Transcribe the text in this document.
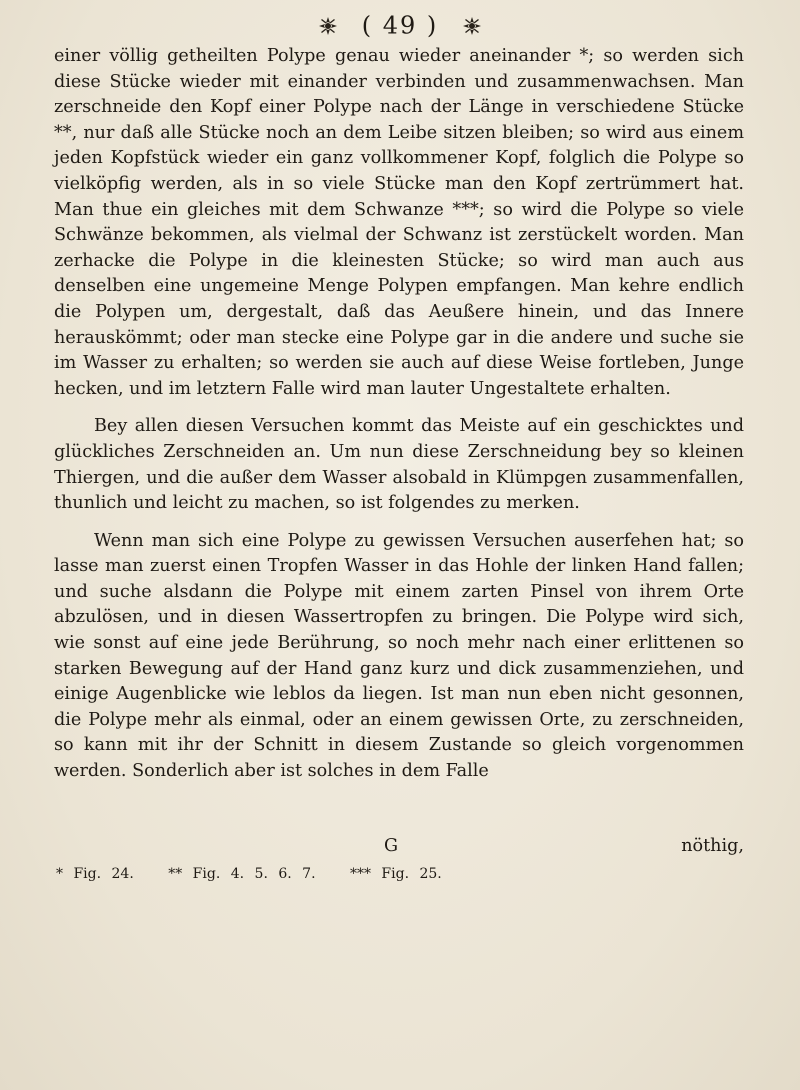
( 49 )

einer völlig getheilten Polype genau wieder aneinander *; so werden sich diese Stücke wieder mit einander verbinden und zusammenwachsen. Man zerschneide den Kopf einer Polype nach der Länge in verschiedene Stücke **, nur daß alle Stücke noch an dem Leibe sitzen bleiben; so wird aus einem jeden Kopfstück wieder ein ganz vollkommener Kopf, folglich die Polype so vielköpfig werden, als in so viele Stücke man den Kopf zertrümmert hat. Man thue ein gleiches mit dem Schwanze ***; so wird die Polype so viele Schwänze bekommen, als vielmal der Schwanz ist zerstückelt worden. Man zerhacke die Polype in die kleinesten Stücke; so wird man auch aus denselben eine ungemeine Menge Polypen empfangen. Man kehre endlich die Polypen um, dergestalt, daß das Aeußere hinein, und das Innere herauskömmt; oder man stecke eine Polype gar in die andere und suche sie im Wasser zu erhalten; so werden sie auch auf diese Weise fortleben, Junge hecken, und im letztern Falle wird man lauter Ungestaltete erhalten.

Bey allen diesen Versuchen kommt das Meiste auf ein geschicktes und glückliches Zerschneiden an. Um nun diese Zerschneidung bey so kleinen Thiergen, und die außer dem Wasser alsobald in Klümpgen zusammenfallen, thunlich und leicht zu machen, so ist folgendes zu merken.

Wenn man sich eine Polype zu gewissen Versuchen auserfehen hat; so lasse man zuerst einen Tropfen Wasser in das Hohle der linken Hand fallen; und suche alsdann die Polype mit einem zarten Pinsel von ihrem Orte abzulösen, und in diesen Wassertropfen zu bringen. Die Polype wird sich, wie sonst auf eine jede Berührung, so noch mehr nach einer erlittenen so starken Bewegung auf der Hand ganz kurz und dick zusammenziehen, und einige Augenblicke wie leblos da liegen. Ist man nun eben nicht gesonnen, die Polype mehr als einmal, oder an einem gewissen Orte, zu zerschneiden, so kann mit ihr der Schnitt in diesem Zustande so gleich vorgenommen werden. Sonderlich aber ist solches in dem Falle

G	nöthig,
* Fig. 24. ** Fig. 4. 5. 6. 7. *** Fig. 25.
